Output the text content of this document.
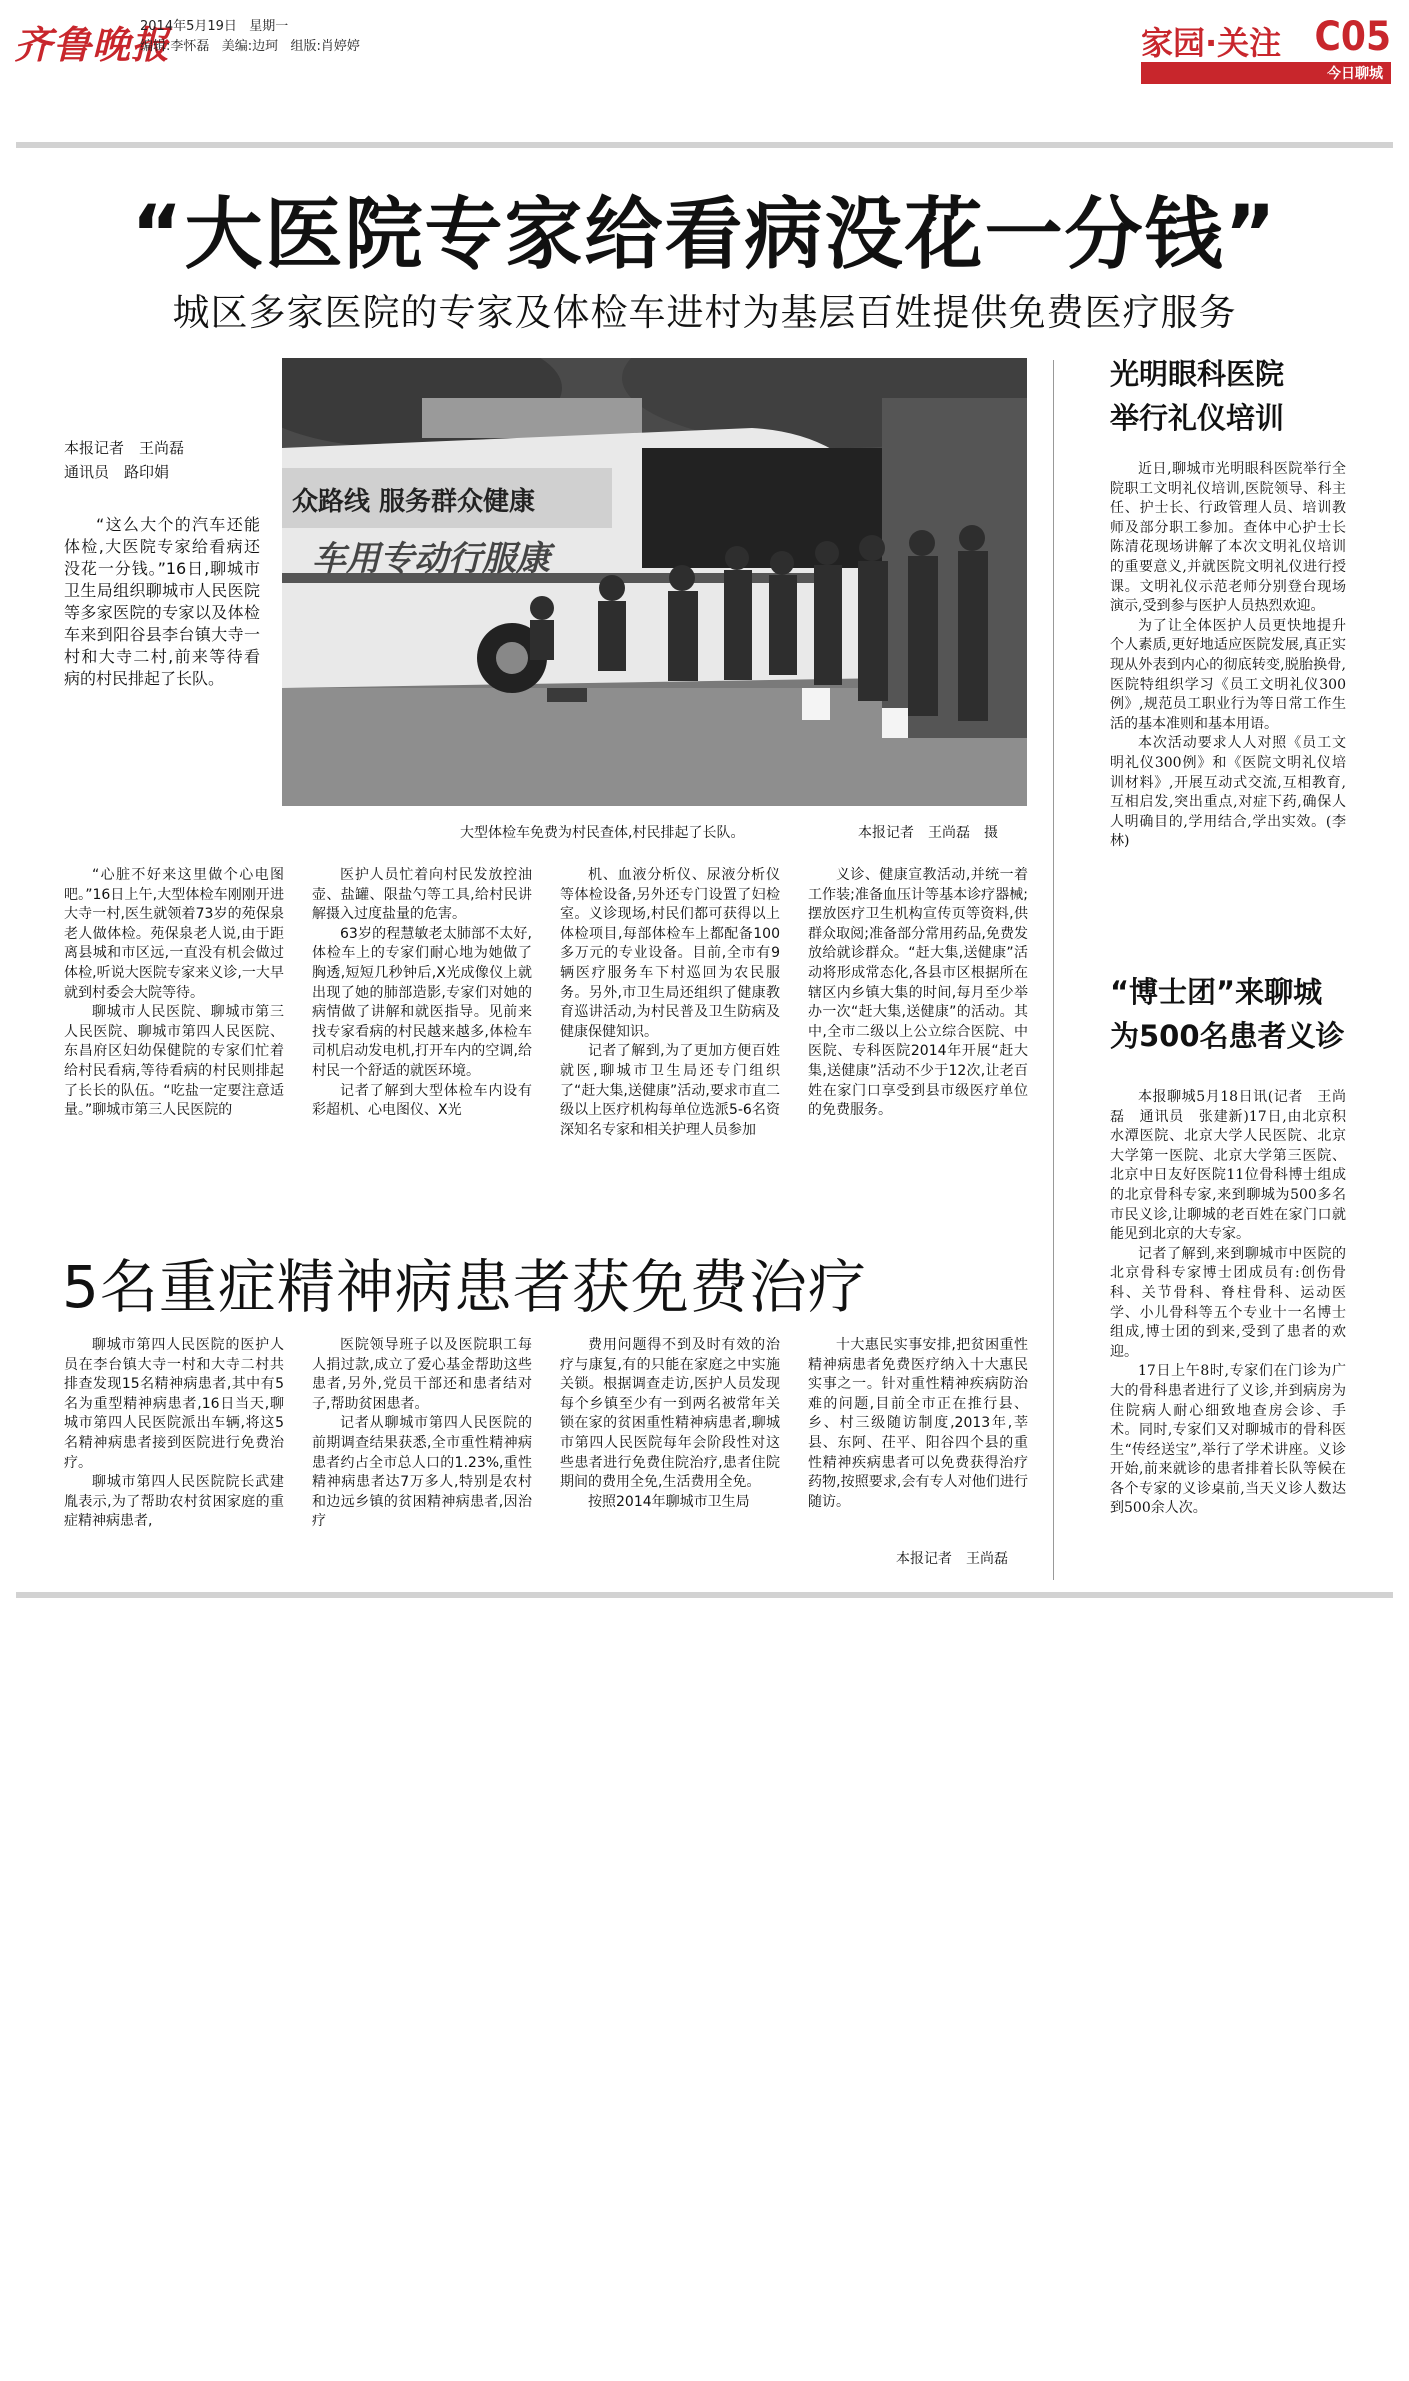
齐鲁晚报
2014年5月19日   星期一
编辑:李怀磊   美编:边珂   组版:肖婷婷	家园·关注 C05
今日聊城
“大医院专家给看病没花一分钱”
城区多家医院的专家及体检车进村为基层百姓提供免费医疗服务
众路线 服务群众健康
车用专动行服康
大型体检车免费为村民查体,村民排起了长队。	本报记者　王尚磊　摄
本报记者　王尚磊
通讯员　路印娟

“这么大个的汽车还能体检,大医院专家给看病还没花一分钱。”16日,聊城市卫生局组织聊城市人民医院等多家医院的专家以及体检车来到阳谷县李台镇大寺一村和大寺二村,前来等待看病的村民排起了长队。

“心脏不好来这里做个心电图吧。”16日上午,大型体检车刚刚开进大寺一村,医生就领着73岁的苑保泉老人做体检。苑保泉老人说,由于距离县城和市区远,一直没有机会做过体检,听说大医院专家来义诊,一大早就到村委会大院等待。

聊城市人民医院、聊城市第三人民医院、聊城市第四人民医院、东昌府区妇幼保健院的专家们忙着给村民看病,等待看病的村民则排起了长长的队伍。“吃盐一定要注意适量。”聊城市第三人民医院的

医护人员忙着向村民发放控油壶、盐罐、限盐勺等工具,给村民讲解摄入过度盐量的危害。

63岁的程慧敏老太肺部不太好,体检车上的专家们耐心地为她做了胸透,短短几秒钟后,X光成像仪上就出现了她的肺部造影,专家们对她的病情做了讲解和就医指导。见前来找专家看病的村民越来越多,体检车司机启动发电机,打开车内的空调,给村民一个舒适的就医环境。

记者了解到大型体检车内设有彩超机、心电图仪、X光

机、血液分析仪、尿液分析仪等体检设备,另外还专门设置了妇检室。义诊现场,村民们都可获得以上体检项目,每部体检车上都配备100多万元的专业设备。目前,全市有9辆医疗服务车下村巡回为农民服务。另外,市卫生局还组织了健康教育巡讲活动,为村民普及卫生防病及健康保健知识。

记者了解到,为了更加方便百姓就医,聊城市卫生局还专门组织了“赶大集,送健康”活动,要求市直二级以上医疗机构每单位选派5-6名资深知名专家和相关护理人员参加

义诊、健康宣教活动,并统一着工作装;准备血压计等基本诊疗器械;摆放医疗卫生机构宣传页等资料,供群众取阅;准备部分常用药品,免费发放给就诊群众。“赶大集,送健康”活动将形成常态化,各县市区根据所在辖区内乡镇大集的时间,每月至少举办一次“赶大集,送健康”的活动。其中,全市二级以上公立综合医院、中医院、专科医院2014年开展“赶大集,送健康”活动不少于12次,让老百姓在家门口享受到县市级医疗单位的免费服务。

5名重症精神病患者获免费治疗

聊城市第四人民医院的医护人员在李台镇大寺一村和大寺二村共排查发现15名精神病患者,其中有5名为重型精神病患者,16日当天,聊城市第四人民医院派出车辆,将这5名精神病患者接到医院进行免费治疗。

聊城市第四人民医院院长武建胤表示,为了帮助农村贫困家庭的重症精神病患者,

医院领导班子以及医院职工每人捐过款,成立了爱心基金帮助这些患者,另外,党员干部还和患者结对子,帮助贫困患者。

记者从聊城市第四人民医院的前期调查结果获悉,全市重性精神病患者约占全市总人口的1.23%,重性精神病患者达7万多人,特别是农村和边远乡镇的贫困精神病患者,因治疗

费用问题得不到及时有效的治疗与康复,有的只能在家庭之中实施关锁。根据调查走访,医护人员发现每个乡镇至少有一到两名被常年关锁在家的贫困重性精神病患者,聊城市第四人民医院每年会阶段性对这些患者进行免费住院治疗,患者住院期间的费用全免,生活费用全免。

按照2014年聊城市卫生局

十大惠民实事安排,把贫困重性精神病患者免费医疗纳入十大惠民实事之一。针对重性精神疾病防治难的问题,目前全市正在推行县、乡、村三级随访制度,2013年,莘县、东阿、茌平、阳谷四个县的重性精神疾病患者可以免费获得治疗药物,按照要求,会有专人对他们进行随访。

本报记者　王尚磊
光明眼科医院
举行礼仪培训

近日,聊城市光明眼科医院举行全院职工文明礼仪培训,医院领导、科主任、护士长、行政管理人员、培训教师及部分职工参加。查体中心护士长陈清花现场讲解了本次文明礼仪培训的重要意义,并就医院文明礼仪进行授课。文明礼仪示范老师分别登台现场演示,受到参与医护人员热烈欢迎。

为了让全体医护人员更快地提升个人素质,更好地适应医院发展,真正实现从外表到内心的彻底转变,脱胎换骨,医院特组织学习《员工文明礼仪300例》,规范员工职业行为等日常工作生活的基本准则和基本用语。

本次活动要求人人对照《员工文明礼仪300例》和《医院文明礼仪培训材料》,开展互动式交流,互相教育,互相启发,突出重点,对症下药,确保人人明确目的,学用结合,学出实效。(李林)

“博士团”来聊城
为500名患者义诊

本报聊城5月18日讯(记者　王尚磊　通讯员　张建新)17日,由北京积水潭医院、北京大学人民医院、北京大学第一医院、北京大学第三医院、北京中日友好医院11位骨科博士组成的北京骨科专家,来到聊城为500多名市民义诊,让聊城的老百姓在家门口就能见到北京的大专家。

记者了解到,来到聊城市中医院的北京骨科专家博士团成员有:创伤骨科、关节骨科、脊柱骨科、运动医学、小儿骨科等五个专业十一名博士组成,博士团的到来,受到了患者的欢迎。

17日上午8时,专家们在门诊为广大的骨科患者进行了义诊,并到病房为住院病人耐心细致地查房会诊、手术。同时,专家们又对聊城市的骨科医生“传经送宝”,举行了学术讲座。义诊开始,前来就诊的患者排着长队等候在各个专家的义诊桌前,当天义诊人数达到500余人次。
